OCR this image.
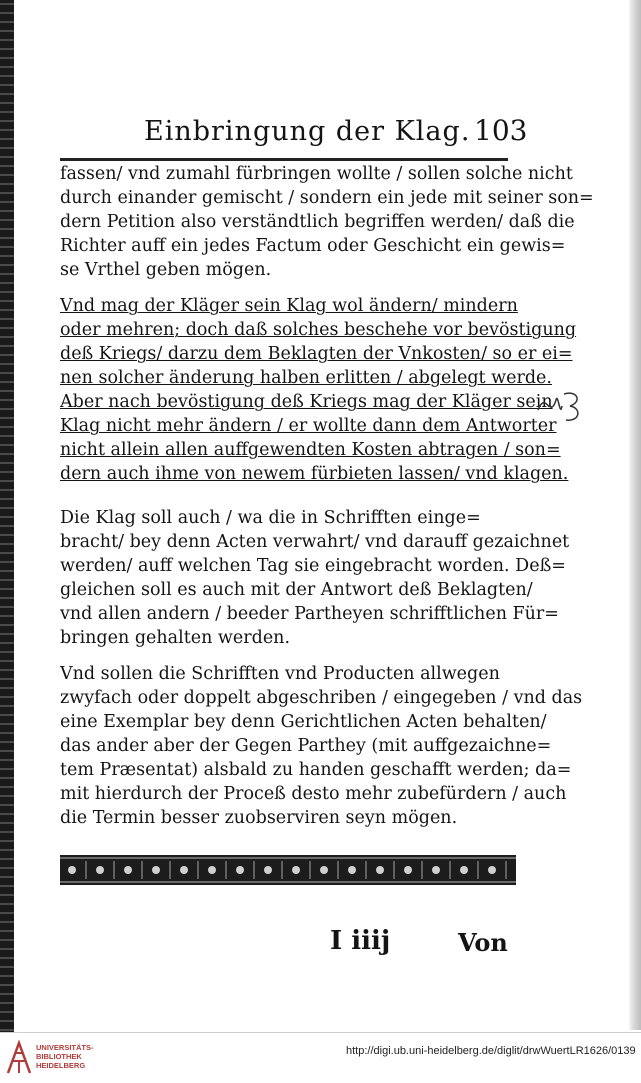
Einbringung der Klag. 103

fassen/ vnd zumahl fürbringen wollte / sollen solche nicht
durch einander gemischt / sondern ein jede mit seiner son=
dern Petition also verständtlich begriffen werden/ daß die
Richter auff ein jedes Factum oder Geschicht ein gewis=
se Vrthel geben mögen.

Vnd mag der Kläger sein Klag wol ändern/ mindern
oder mehren; doch daß solches beschehe vor bevöstigung
deß Kriegs/ darzu dem Beklagten der Vnkosten/ so er ei=
nen solcher änderung halben erlitten / abgelegt werde.
Aber nach bevöstigung deß Kriegs mag der Kläger sein
Klag nicht mehr ändern / er wollte dann dem Antworter
nicht allein allen auffgewendten Kosten abtragen / son=
dern auch ihme von newem fürbieten lassen/ vnd klagen.

Die Klag soll auch / wa die in Schrifften einge=
bracht/ bey denn Acten verwahrt/ vnd darauff gezaichnet
werden/ auff welchen Tag sie eingebracht worden. Deß=
gleichen soll es auch mit der Antwort deß Beklagten/
vnd allen andern / beeder Partheyen schrifftlichen Für=
bringen gehalten werden.

Vnd sollen die Schrifften vnd Producten allwegen
zwyfach oder doppelt abgeschriben / eingegeben / vnd das
eine Exemplar bey denn Gerichtlichen Acten behalten/
das ander aber der Gegen Parthey (mit auffgezaichne=
tem Præsentat) alsbald zu handen geschafft werden; da=
mit hierdurch der Proceß desto mehr zubefürdern / auch
die Termin besser zuobserviren seyn mögen.

I iiij	Von
UNIVERSITÄTS-
BIBLIOTHEK
HEIDELBERG
http://digi.ub.uni-heidelberg.de/diglit/drwWuertLR1626/0139
